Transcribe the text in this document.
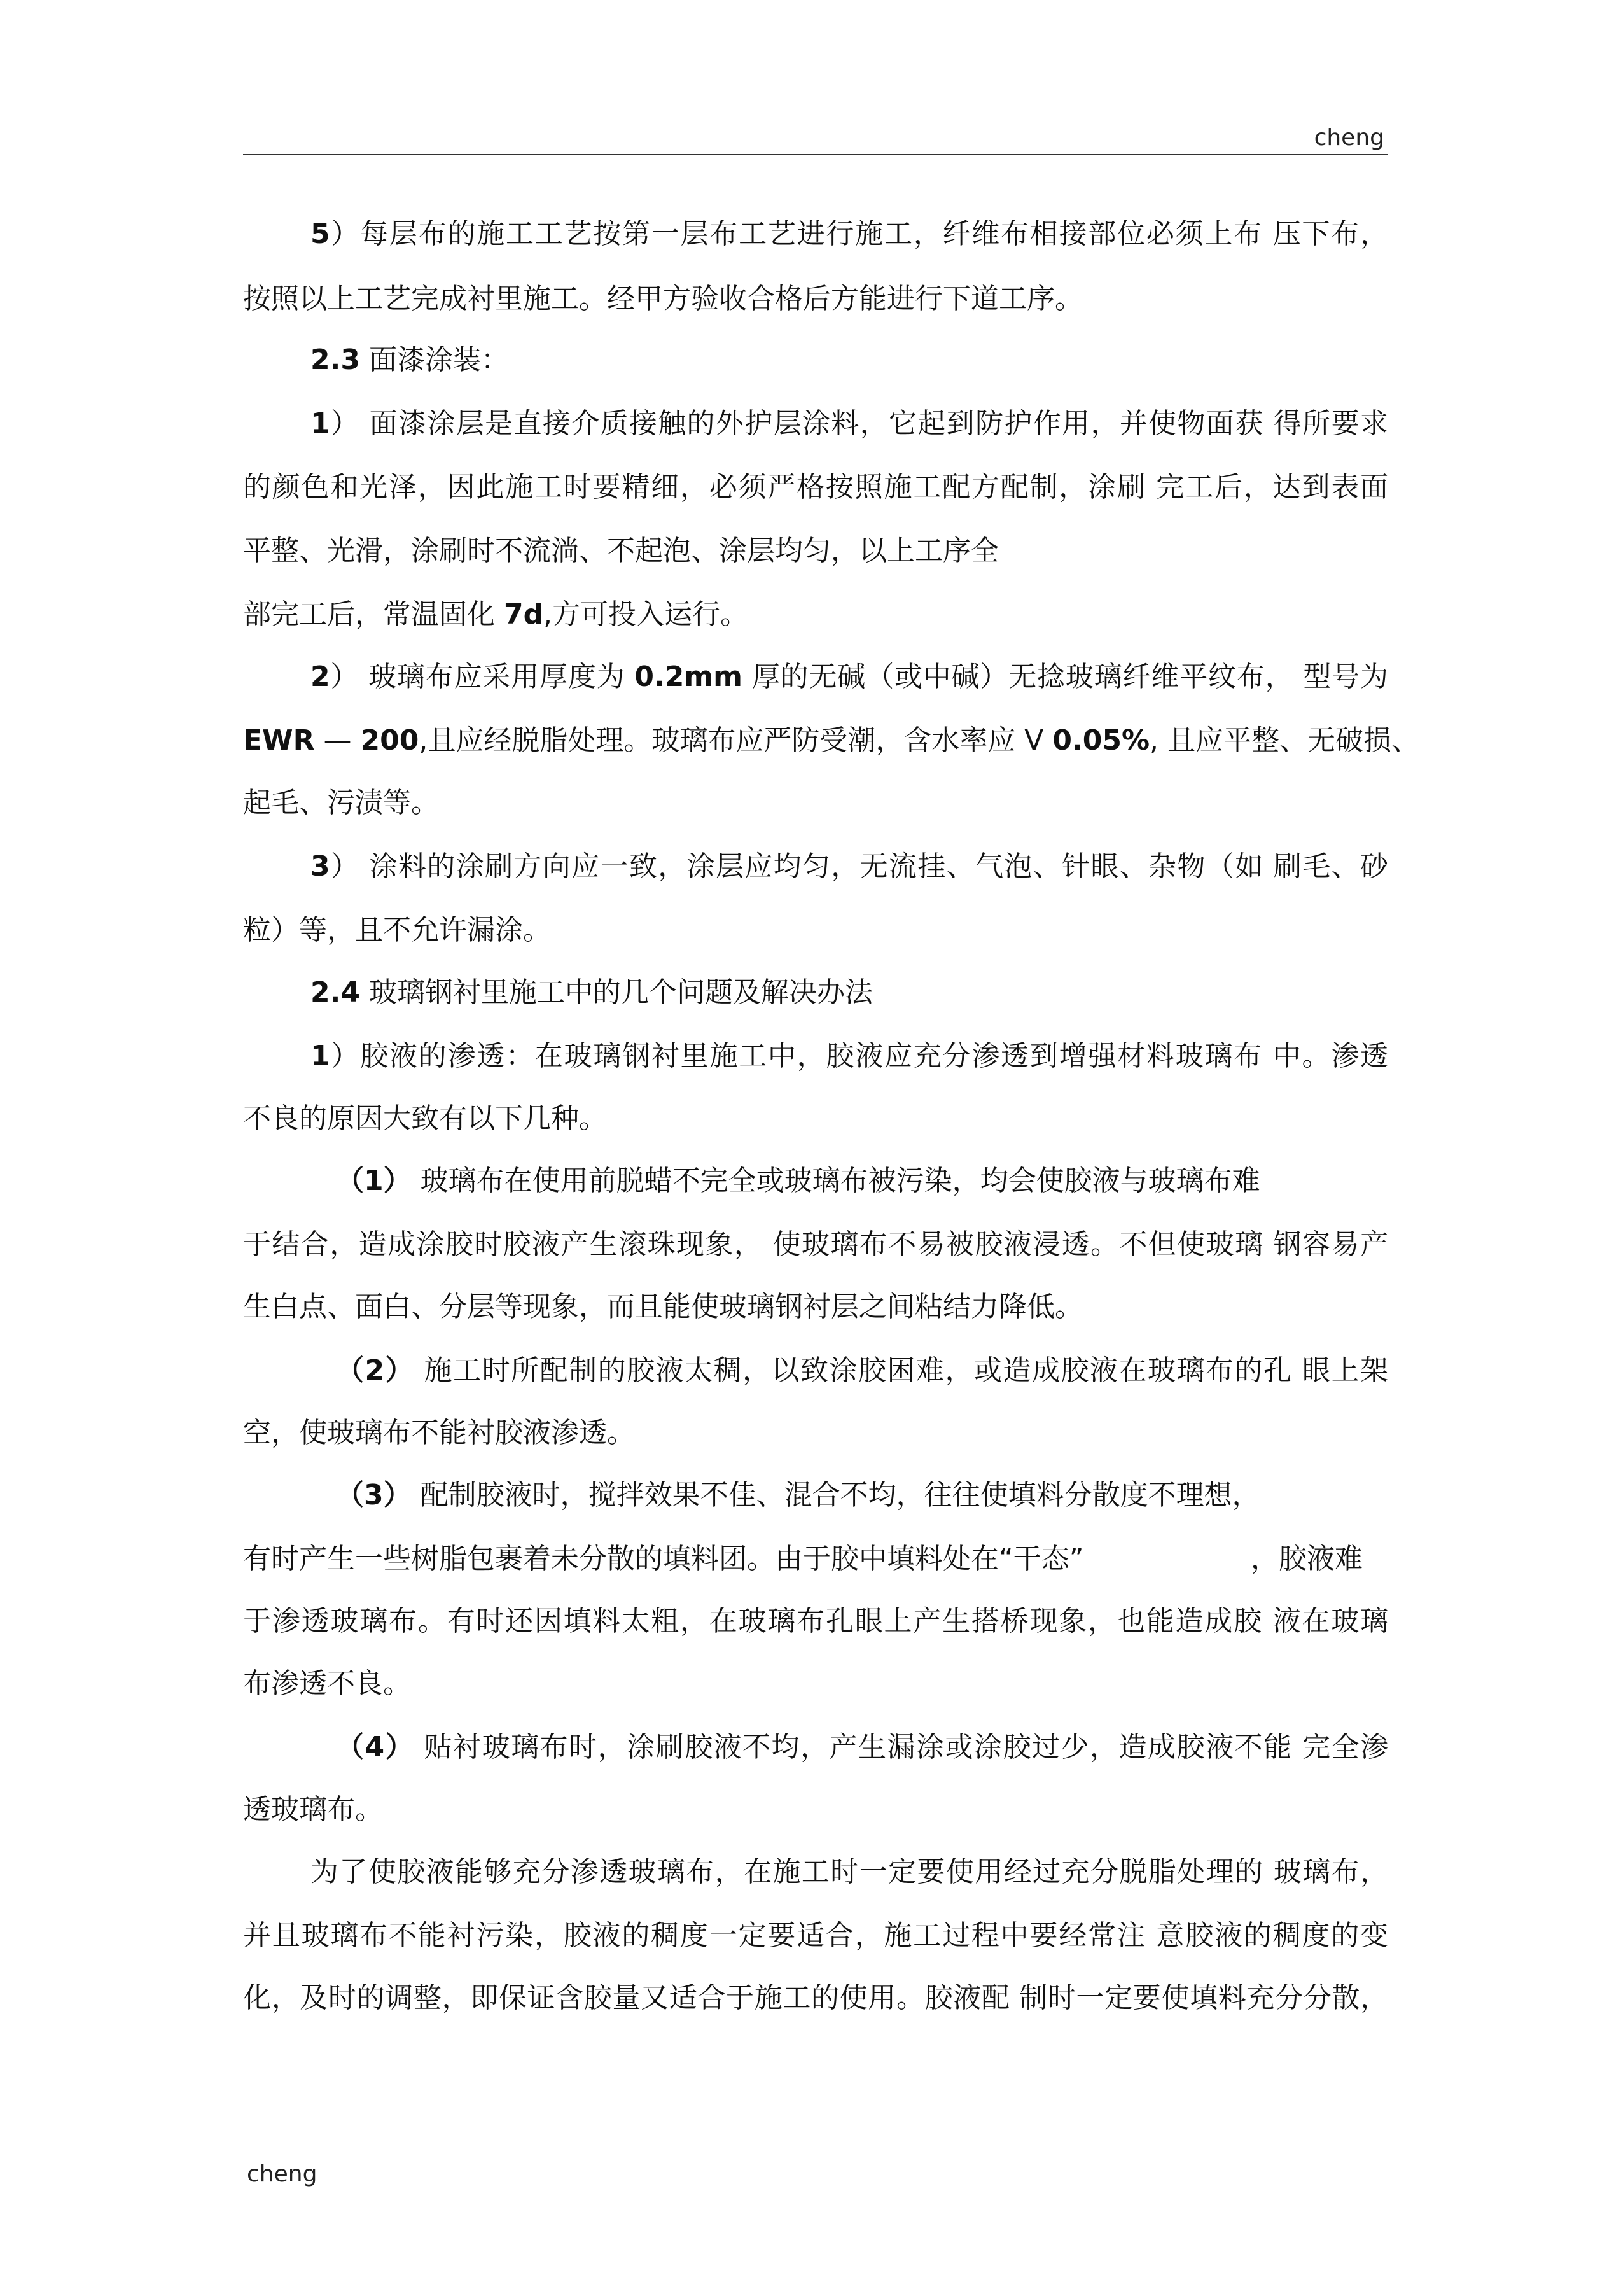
cheng
5）每层布的施工工艺按第一层布工艺进行施工，纤维布相接部位必须上布 压下布，
按照以上工艺完成衬里施工。经甲方验收合格后方能进行下道工序。
2.3 面漆涂装：
1） 面漆涂层是直接介质接触的外护层涂料，它起到防护作用，并使物面获 得所要求
的颜色和光泽，因此施工时要精细，必须严格按照施工配方配制，涂刷 完工后，达到表面
平整、光滑，涂刷时不流淌、不起泡、涂层均匀，以上工序全
部完工后，常温固化 7d,方可投入运行。
2） 玻璃布应采用厚度为 0.2mm 厚的无碱（或中碱）无捻玻璃纤维平纹布， 型号为
EWR — 200,且应经脱脂处理。玻璃布应严防受潮，含水率应 V 0.05%, 且应平整、无破损、
起毛、污渍等。
3） 涂料的涂刷方向应一致，涂层应均匀，无流挂、气泡、针眼、杂物（如 刷毛、砂
粒）等，且不允许漏涂。
2.4 玻璃钢衬里施工中的几个问题及解决办法
1）胶液的渗透：在玻璃钢衬里施工中，胶液应充分渗透到增强材料玻璃布 中。渗透
不良的原因大致有以下几种。
（1） 玻璃布在使用前脱蜡不完全或玻璃布被污染，均会使胶液与玻璃布难
于结合，造成涂胶时胶液产生滚珠现象， 使玻璃布不易被胶液浸透。不但使玻璃 钢容易产
生白点、面白、分层等现象，而且能使玻璃钢衬层之间粘结力降低。
（2） 施工时所配制的胶液太稠，以致涂胶困难，或造成胶液在玻璃布的孔 眼上架
空，使玻璃布不能衬胶液渗透。
（3） 配制胶液时，搅拌效果不佳、混合不均，往往使填料分散度不理想，
有时产生一些树脂包裹着未分散的填料团。由于胶中填料处在“干态”	，胶液难
于渗透玻璃布。有时还因填料太粗，在玻璃布孔眼上产生搭桥现象，也能造成胶 液在玻璃
布渗透不良。
（4） 贴衬玻璃布时，涂刷胶液不均，产生漏涂或涂胶过少，造成胶液不能 完全渗
透玻璃布。
为了使胶液能够充分渗透玻璃布，在施工时一定要使用经过充分脱脂处理的 玻璃布，
并且玻璃布不能衬污染，胶液的稠度一定要适合，施工过程中要经常注 意胶液的稠度的变
化，及时的调整，即保证含胶量又适合于施工的使用。胶液配 制时一定要使填料充分分散，
cheng
